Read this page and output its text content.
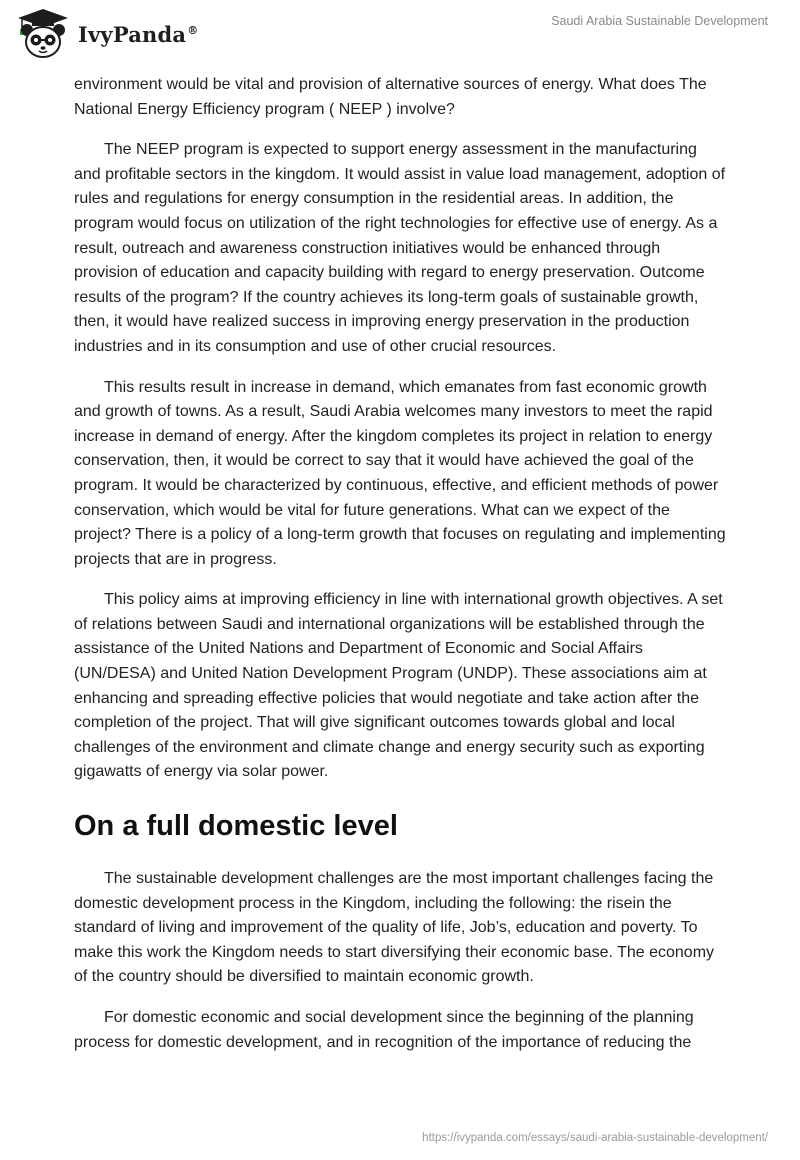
IvyPanda®
Saudi Arabia Sustainable Development

environment would be vital and provision of alternative sources of energy. What does The National Energy Efficiency program ( NEEP ) involve?

The NEEP program is expected to support energy assessment in the manufacturing and profitable sectors in the kingdom. It would assist in value load management, adoption of rules and regulations for energy consumption in the residential areas. In addition, the program would focus on utilization of the right technologies for effective use of energy. As a result, outreach and awareness construction initiatives would be enhanced through provision of education and capacity building with regard to energy preservation. Outcome results of the program? If the country achieves its long-term goals of sustainable growth, then, it would have realized success in improving energy preservation in the production industries and in its consumption and use of other crucial resources.

This results result in increase in demand, which emanates from fast economic growth and growth of towns. As a result, Saudi Arabia welcomes many investors to meet the rapid increase in demand of energy. After the kingdom completes its project in relation to energy conservation, then, it would be correct to say that it would have achieved the goal of the program. It would be characterized by continuous, effective, and efficient methods of power conservation, which would be vital for future generations. What can we expect of the project? There is a policy of a long-term growth that focuses on regulating and implementing projects that are in progress.

This policy aims at improving efficiency in line with international growth objectives. A set of relations between Saudi and international organizations will be established through the assistance of the United Nations and Department of Economic and Social Affairs (UN/DESA) and United Nation Development Program (UNDP). These associations aim at enhancing and spreading effective policies that would negotiate and take action after the completion of the project. That will give significant outcomes towards global and local challenges of the environment and climate change and energy security such as exporting gigawatts of energy via solar power.

On a full domestic level

The sustainable development challenges are the most important challenges facing the domestic development process in the Kingdom, including the following: the risein the standard of living and improvement of the quality of life, Job’s, education and poverty. To make this work the Kingdom needs to start diversifying their economic base. The economy of the country should be diversified to maintain economic growth.

For domestic economic and social development since the beginning of the planning process for domestic development, and in recognition of the importance of reducing the

https://ivypanda.com/essays/saudi-arabia-sustainable-development/
